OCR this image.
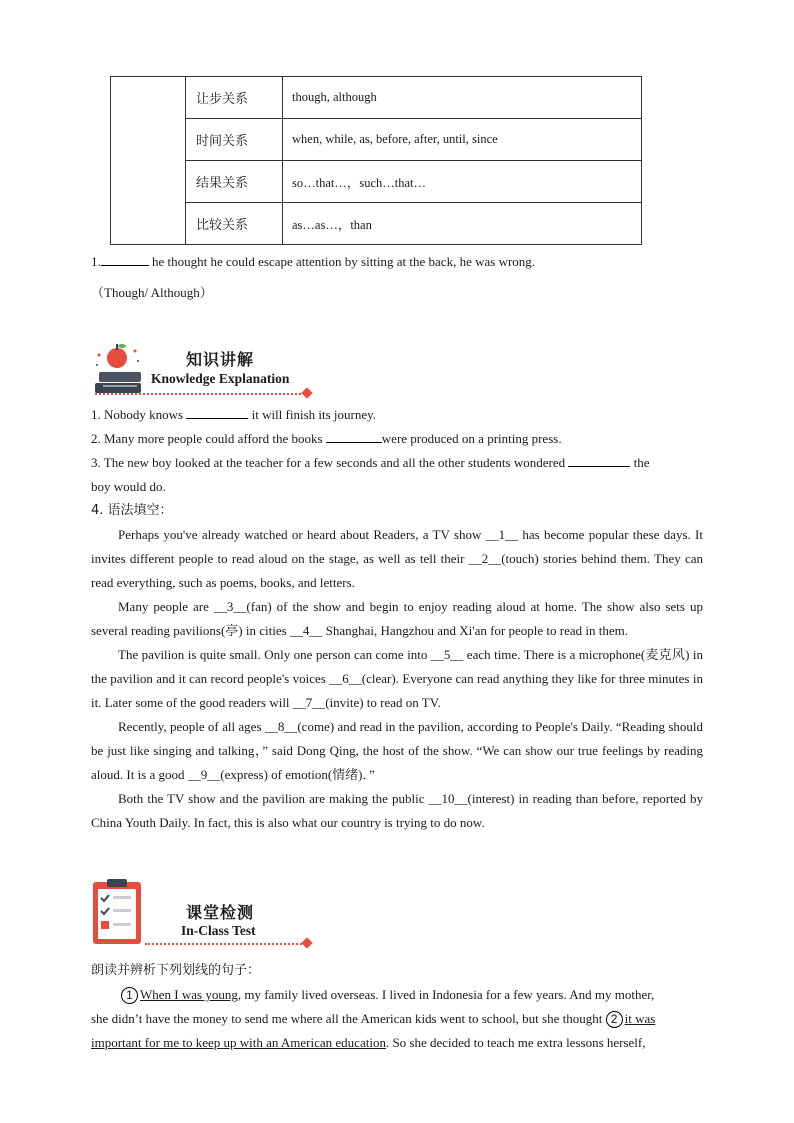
	让步关系	though, although
	时间关系	when, while, as, before, after, until, since
	结果关系	so…that…，such…that…
	比较关系	as…as…，than
1.	he thought he could escape attention by sitting at the back, he was wrong.
（Though/ Although）
知识讲解
Knowledge Explanation
1. Nobody knows	it will finish its journey.
2. Many more people could afford the books	were produced on a printing press.
3. The new boy looked at the teacher for a few seconds and all the other students wondered	the
boy would do.
4. 语法填空：

Perhaps you've already watched or heard about Readers, a TV show __1__ has become popular these days. It invites different people to read aloud on the stage, as well as tell their __2__(touch) stories behind them. They can read everything, such as poems, books, and letters.

Many people are __3__(fan) of the show and begin to enjoy reading aloud at home. The show also sets up several reading pavilions(亭) in cities __4__ Shanghai, Hangzhou and Xi'an for people to read in them.

The pavilion is quite small. Only one person can come into __5__ each time. There is a microphone(麦克风) in the pavilion and it can record people's voices __6__(clear). Everyone can read anything they like for three minutes in it. Later some of the good readers will __7__(invite) to read on TV.

Recently, people of all ages __8__(come) and read in the pavilion, according to People's Daily. “Reading should be just like singing and talking，” said Dong Qing, the host of the show. “We can show our true feelings by reading aloud. It is a good __9__(express) of emotion(情绪)．”

Both the TV show and the pavilion are making the public __10__(interest) in reading than before, reported by China Youth Daily. In fact, this is also what our country is trying to do now.

课堂检测
In-Class Test
朗读并辨析下列划线的句子：
1 When I was young, my family lived overseas. I lived in Indonesia for a few years. And my mother,
she didn’t have the money to send me where all the American kids went to school, but she thought 2 it was
important for me to keep up with an American education. So she decided to teach me extra lessons herself,
